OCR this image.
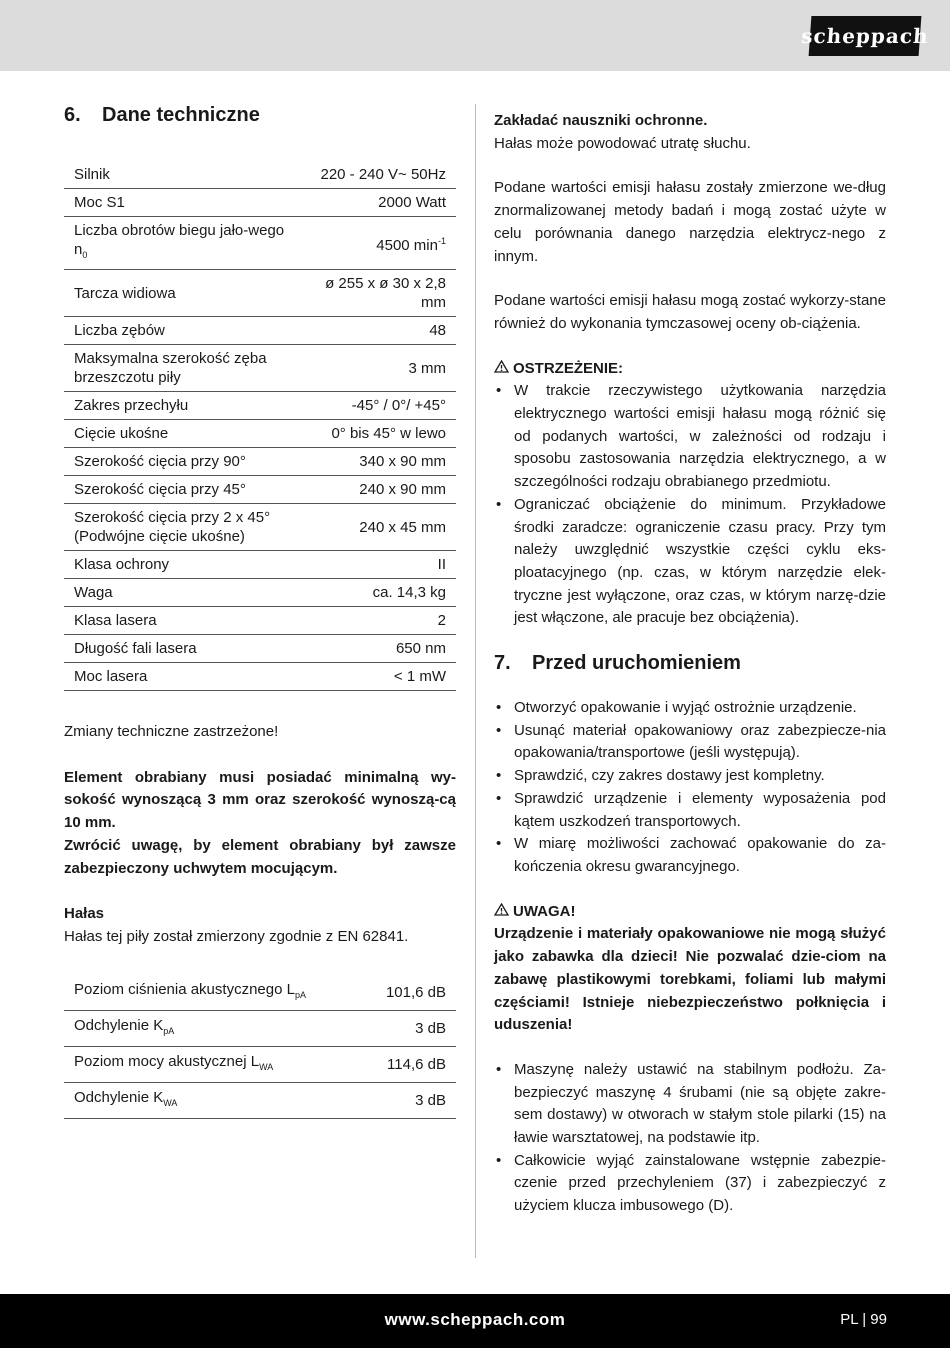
scheppach
6.	Dane techniczne
Silnik	220 - 240 V~ 50Hz
Moc S1	2000 Watt
Liczba obrotów biegu jało-wego $n_0$	4500 $\min^{-1}$
Tarcza widiowa	ø 255 x ø 30 x 2,8 mm
Liczba zębów	48
Maksymalna szerokość zęba brzeszczotu piły	3 mm
Zakres przechyłu	-45° / 0°/ +45°
Cięcie ukośne	0° bis 45° w lewo
Szerokość cięcia przy 90°	340 x 90 mm
Szerokość cięcia przy 45°	240 x 90 mm
Szerokość cięcia przy 2 x 45° (Podwójne cięcie ukośne)	240 x 45 mm
Klasa ochrony	II
Waga	ca. 14,3 kg
Klasa lasera	2
Długość fali lasera	650 nm
Moc lasera	< 1 mW

Zmiany techniczne zastrzeżone!

Element obrabiany musi posiadać minimalną wy-sokość wynoszącą 3 mm oraz szerokość wynoszą-cą 10 mm.

Zwrócić uwagę, by element obrabiany był zawsze zabezpieczony uchwytem mocującym.

Hałas

Hałas tej piły został zmierzony zgodnie z EN 62841.

Poziom ciśnienia akustycznego $L_{pA}$	101,6 dB
Odchylenie $K_{pA}$	3 dB
Poziom mocy akustycznej $L_{WA}$	114,6 dB
Odchylenie $K_{WA}$	3 dB

Zakładać nauszniki ochronne.

Hałas może powodować utratę słuchu.

Podane wartości emisji hałasu zostały zmierzone we-dług znormalizowanej metody badań i mogą zostać użyte w celu porównania danego narzędzia elektrycz-nego z innym.

Podane wartości emisji hałasu mogą zostać wykorzy-stane również do wykonania tymczasowej oceny ob-ciążenia.

OSTRZEŻENIE:
• W trakcie rzeczywistego użytkowania narzędzia elektrycznego wartości emisji hałasu mogą różnić się od podanych wartości, w zależności od rodzaju i sposobu zastosowania narzędzia elektrycznego, a w szczególności rodzaju obrabianego przedmiotu.
• Ograniczać obciążenie do minimum. Przykładowe środki zaradcze: ograniczenie czasu pracy. Przy tym należy uwzględnić wszystkie części cyklu eks-ploatacyjnego (np. czas, w którym narzędzie elek-tryczne jest wyłączone, oraz czas, w którym narzę-dzie jest włączone, ale pracuje bez obciążenia).
7.	Przed uruchomieniem
• Otworzyć opakowanie i wyjąć ostrożnie urządzenie.
• Usunąć materiał opakowaniowy oraz zabezpiecze-nia opakowania/transportowe (jeśli występują).
• Sprawdzić, czy zakres dostawy jest kompletny.
• Sprawdzić urządzenie i elementy wyposażenia pod kątem uszkodzeń transportowych.
• W miarę możliwości zachować opakowanie do za-kończenia okresu gwarancyjnego.
UWAGA!

Urządzenie i materiały opakowaniowe nie mogą służyć jako zabawka dla dzieci! Nie pozwalać dzie-ciom na zabawę plastikowymi torebkami, foliami lub małymi częściami! Istnieje niebezpieczeństwo połknięcia i uduszenia!

• Maszynę należy ustawić na stabilnym podłożu. Za-bezpieczyć maszynę 4 śrubami (nie są objęte zakre-sem dostawy) w otworach w stałym stole pilarki (15) na ławie warsztatowej, na podstawie itp.
• Całkowicie wyjąć zainstalowane wstępnie zabezpie-czenie przed przechyleniem (37) i zabezpieczyć z użyciem klucza imbusowego (D).
www.scheppach.com	PL | 99
